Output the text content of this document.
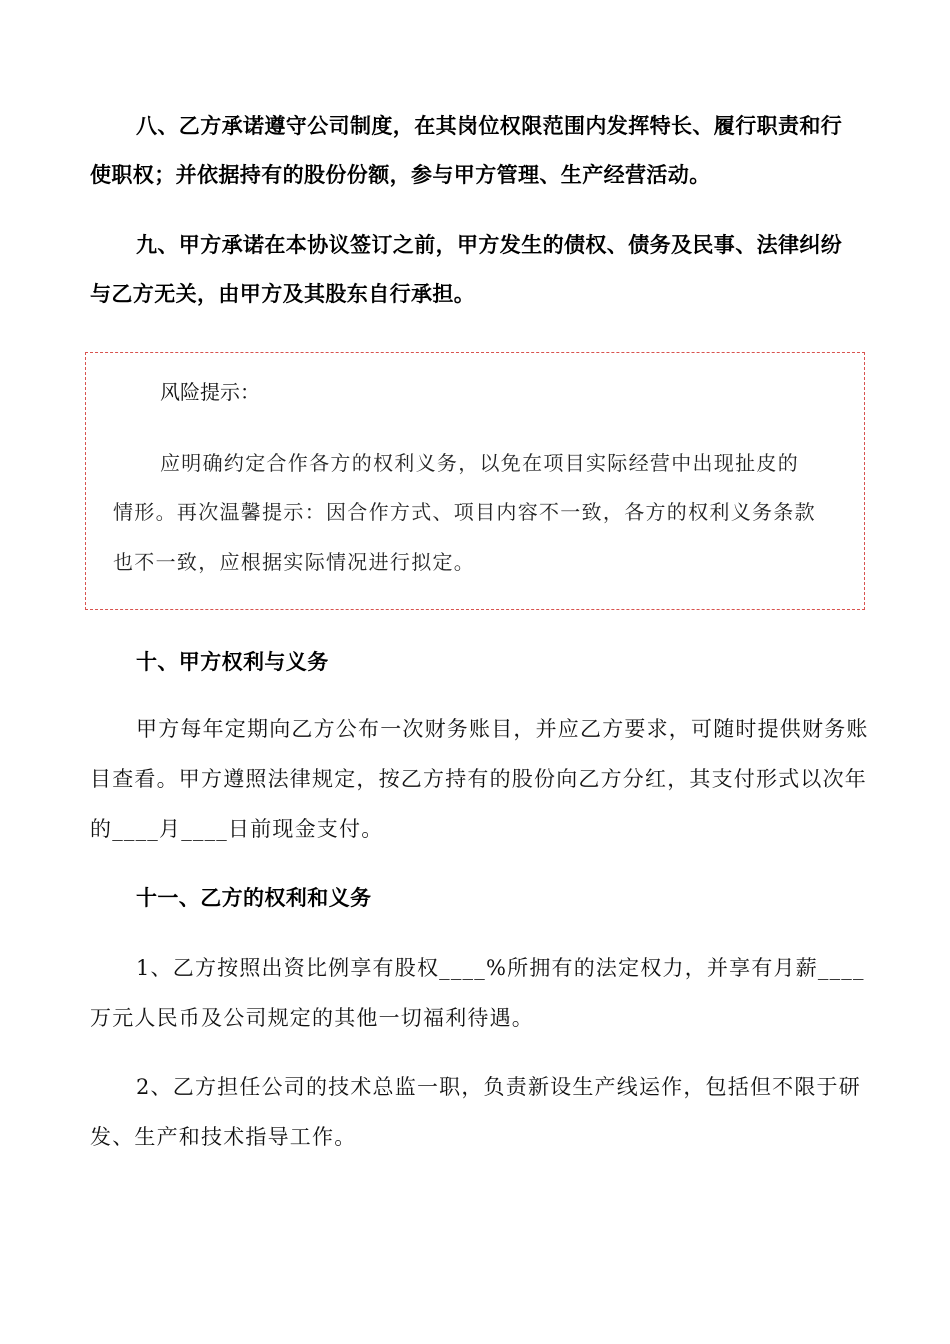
八、乙方承诺遵守公司制度，在其岗位权限范围内发挥特长、履行职责和行
使职权；并依据持有的股份份额，参与甲方管理、生产经营活动。
九、甲方承诺在本协议签订之前，甲方发生的债权、债务及民事、法律纠纷
与乙方无关，由甲方及其股东自行承担。
风险提示：
应明确约定合作各方的权利义务，以免在项目实际经营中出现扯皮的
情形。再次温馨提示：因合作方式、项目内容不一致，各方的权利义务条款
也不一致，应根据实际情况进行拟定。
十、甲方权利与义务
甲方每年定期向乙方公布一次财务账目，并应乙方要求，可随时提供财务账
目查看。甲方遵照法律规定，按乙方持有的股份向乙方分红，其支付形式以次年
的____月____日前现金支付。
十一、乙方的权利和义务
1、乙方按照出资比例享有股权____%所拥有的法定权力，并享有月薪____
万元人民币及公司规定的其他一切福利待遇。
2、乙方担任公司的技术总监一职，负责新设生产线运作，包括但不限于研
发、生产和技术指导工作。
